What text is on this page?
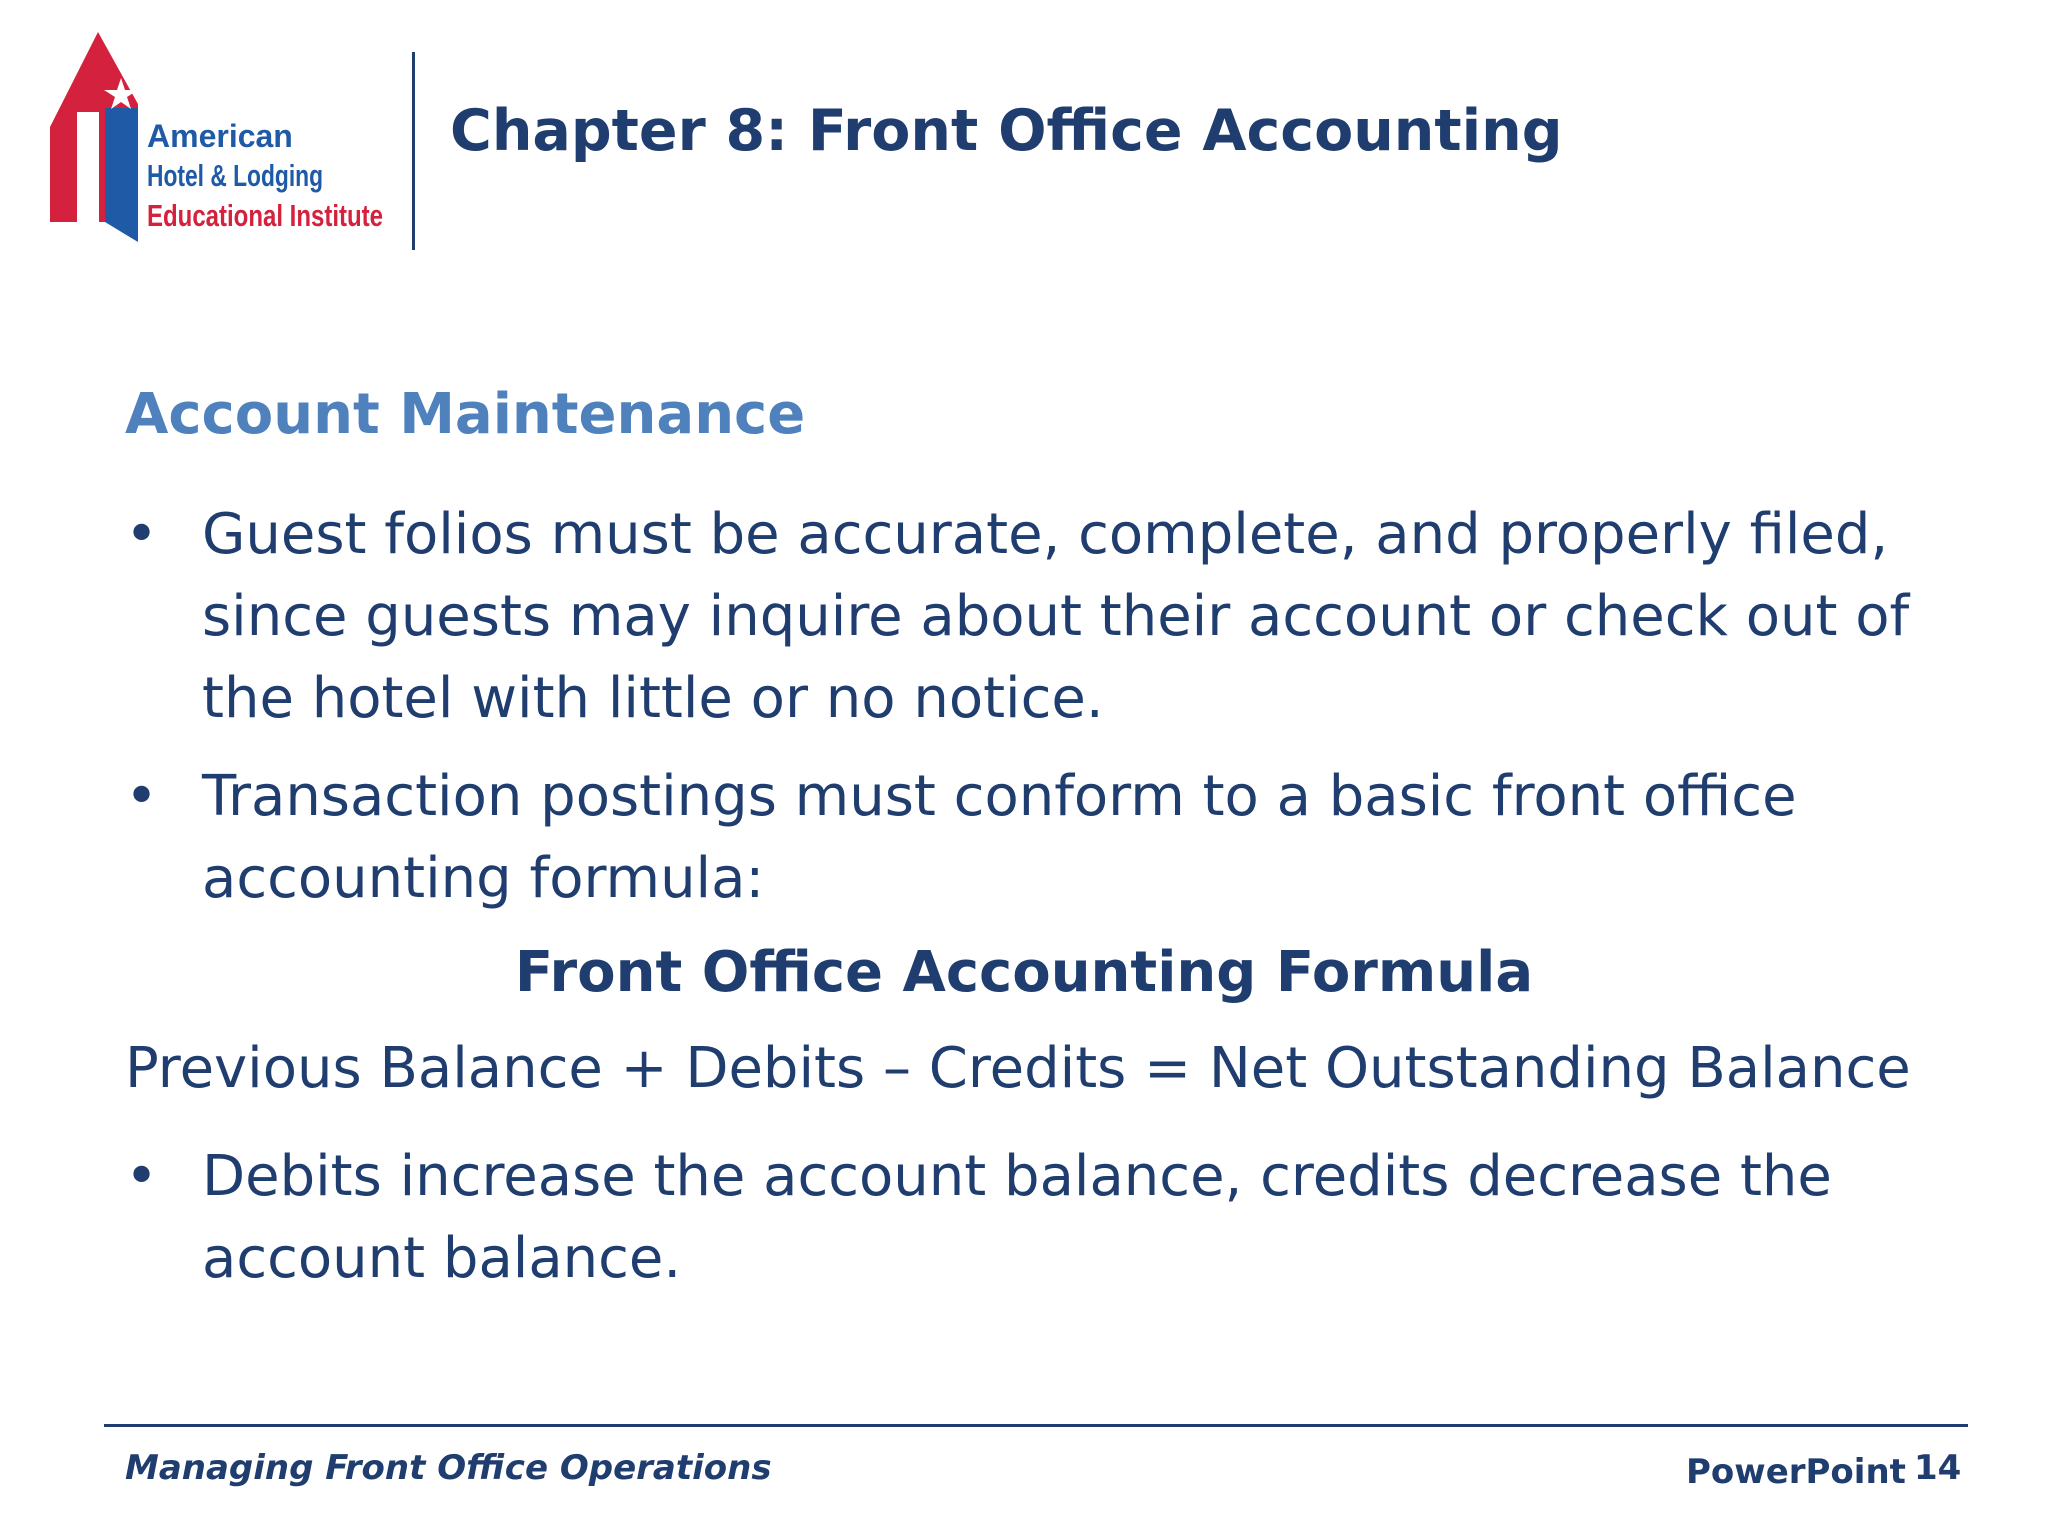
American
Hotel & Lodging
Educational Institute
Chapter 8: Front Office Accounting
Account Maintenance
• Guest folios must be accurate, complete, and properly filed, since guests may inquire about their account or check out of the hotel with little or no notice.
• Transaction postings must conform to a basic front office accounting formula:
Front Office Accounting Formula
Previous Balance + Debits – Credits = Net Outstanding Balance
• Debits increase the account balance, credits decrease the account balance.
Managing Front Office Operations	PowerPoint 14
